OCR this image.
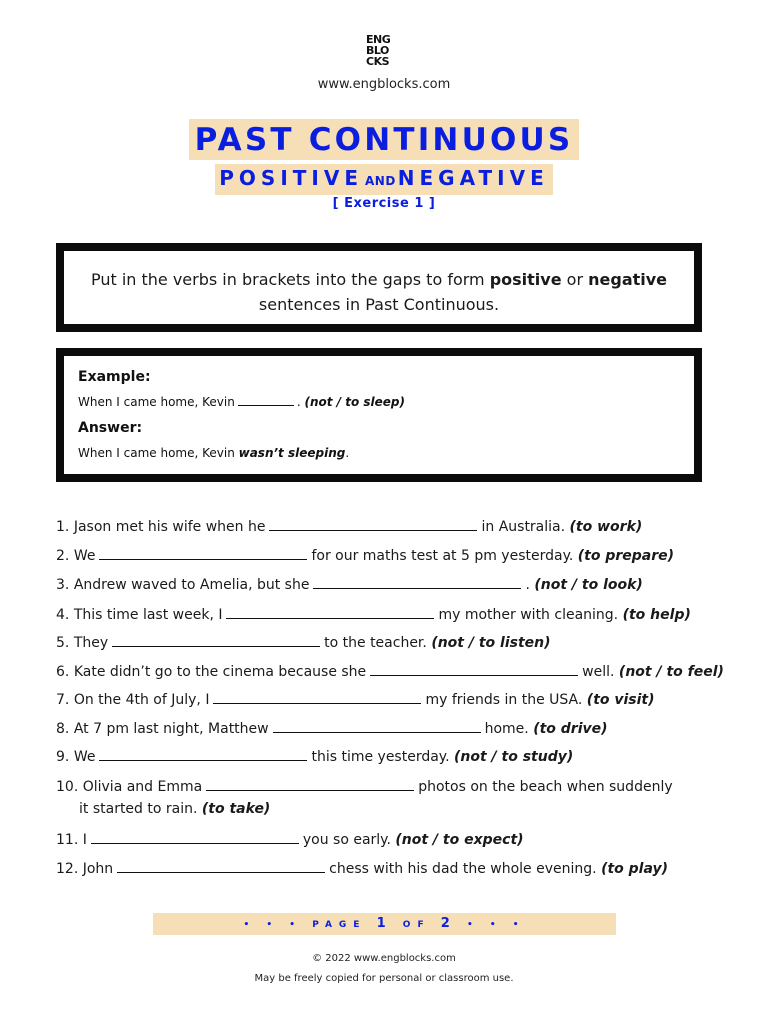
ENG
BLO
CKS
www.engblocks.com
PAST CONTINUOUS
POSITIVE AND NEGATIVE
[ Exercise 1 ]
Put in the verbs in brackets into the gaps to form positive or negative
sentences in Past Continuous.
Example:
When I came home, Kevin	. (not / to sleep)
Answer:
When I came home, Kevin wasn’t sleeping.
1. Jason met his wife when he	in Australia. (to work)
2. We	for our maths test at 5 pm yesterday. (to prepare)
3. Andrew waved to Amelia, but she	. (not / to look)
4. This time last week, I	my mother with cleaning. (to help)
5. They	to the teacher. (not / to listen)
6. Kate didn’t go to the cinema because she	well. (not / to feel)
7. On the 4th of July, I	my friends in the USA. (to visit)
8. At 7 pm last night, Matthew	home. (to drive)
9. We	this time yesterday. (not / to study)
10. Olivia and Emma	photos on the beach when suddenly
it started to rain. (to take)
11. I	you so early. (not / to expect)
12. John	chess with his dad the whole evening. (to play)
• • • PAGE 1 OF 2 • • •
© 2022 www.engblocks.com
May be freely copied for personal or classroom use.
